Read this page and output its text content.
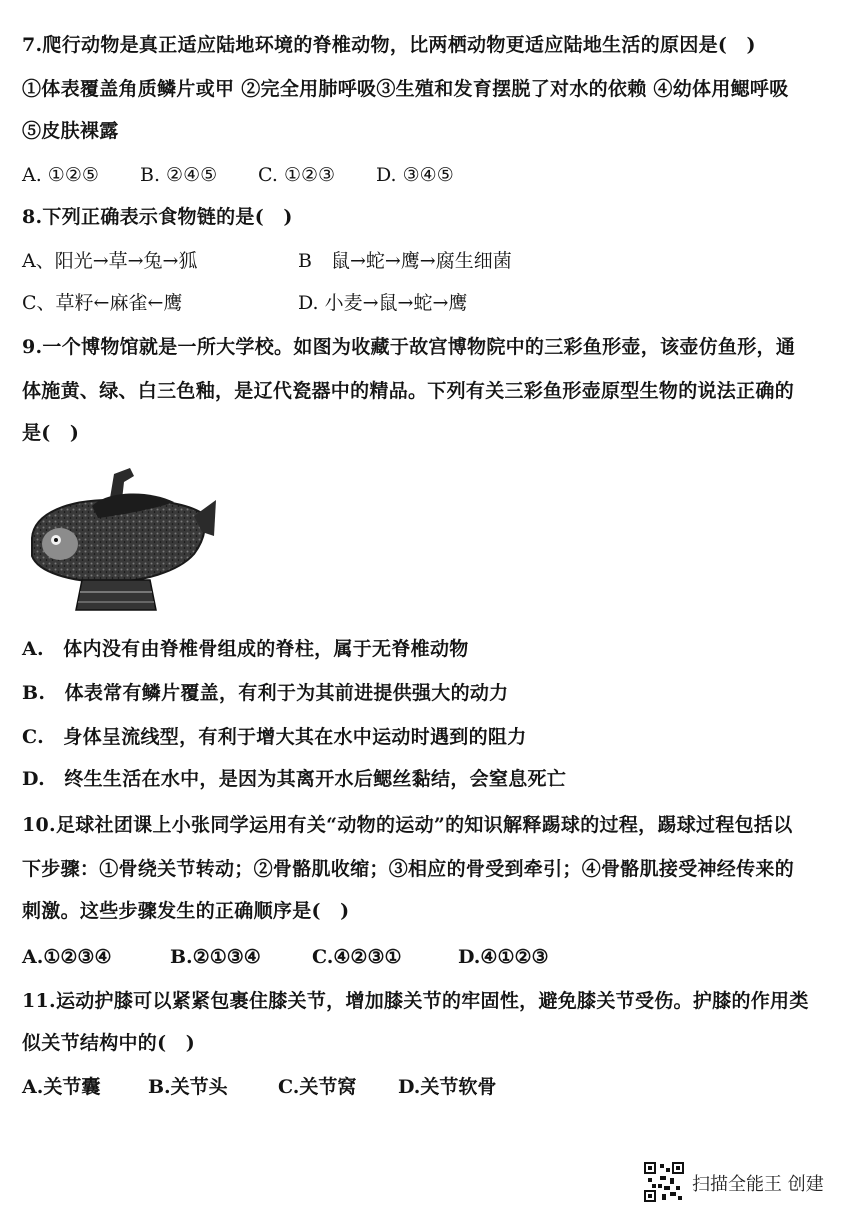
7.爬行动物是真正适应陆地环境的脊椎动物，比两栖动物更适应陆地生活的原因是(　)
①体表覆盖角质鳞片或甲 ②完全用肺呼吸③生殖和发育摆脱了对水的依赖 ④幼体用鳃呼吸
⑤皮肤裸露
A. ①②⑤ B. ②④⑤ C. ①②③ D. ③④⑤
8.下列正确表示食物链的是(　)
A、阳光→草→兔→狐	B　鼠→蛇→鹰→腐生细菌
C、草籽←麻雀←鹰	D. 小麦→鼠→蛇→鹰
9.一个博物馆就是一所大学校。如图为收藏于故宫博物院中的三彩鱼形壶，该壶仿鱼形，通
体施黄、绿、白三色釉，是辽代瓷器中的精品。下列有关三彩鱼形壶原型生物的说法正确的
是(　)
A.　体内没有由脊椎骨组成的脊柱，属于无脊椎动物
B.　体表常有鳞片覆盖，有利于为其前进提供强大的动力
C.　身体呈流线型，有利于增大其在水中运动时遇到的阻力
D.　终生生活在水中，是因为其离开水后鳃丝黏结，会窒息死亡
10.足球社团课上小张同学运用有关“动物的运动”的知识解释踢球的过程，踢球过程包括以
下步骤：①骨绕关节转动；②骨骼肌收缩；③相应的骨受到牵引；④骨骼肌接受神经传来的
刺激。这些步骤发生的正确顺序是(　)
A.①②③④	B.②①③④	C.④②③①	D.④①②③
11.运动护膝可以紧紧包裹住膝关节，增加膝关节的牢固性，避免膝关节受伤。护膝的作用类
似关节结构中的(　)
A.关节囊	B.关节头	C.关节窝 D.关节软骨
扫描全能王 创建
